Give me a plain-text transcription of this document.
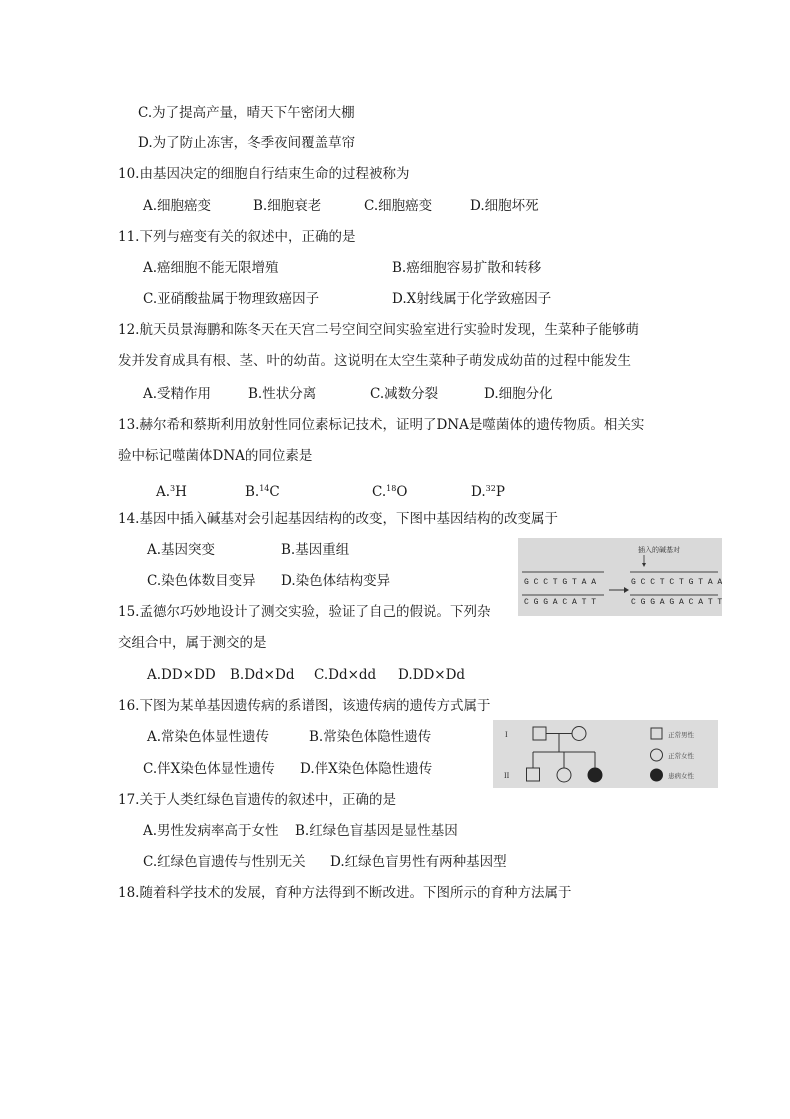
C.为了提高产量，晴天下午密闭大棚
D.为了防止冻害，冬季夜间覆盖草帘
10.由基因决定的细胞自行结束生命的过程被称为
A.细胞癌变	B.细胞衰老	C.细胞癌变	D.细胞坏死
11.下列与癌变有关的叙述中，正确的是
A.癌细胞不能无限增殖	B.癌细胞容易扩散和转移
C.亚硝酸盐属于物理致癌因子	D.X射线属于化学致癌因子
12.航天员景海鹏和陈冬天在天宫二号空间空间实验室进行实验时发现，生菜种子能够萌
发并发育成具有根、茎、叶的幼苗。这说明在太空生菜种子萌发成幼苗的过程中能发生
A.受精作用	B.性状分离	C.减数分裂	D.细胞分化
13.赫尔希和蔡斯利用放射性同位素标记技术，证明了DNA是噬菌体的遗传物质。相关实
验中标记噬菌体DNA的同位素是
A.$^3$H	B.$^{14}$C	C.$^{18}$O	D.$^{32}$P
14.基因中插入碱基对会引起基因结构的改变，下图中基因结构的改变属于
A.基因突变	B.基因重组
C.染色体数目变异 D.染色体结构变异
插入的碱基对
G C C T G T A A
C G G A C A T T
G C C T C T G T A A
C G G A G A C A T T
15.孟德尔巧妙地设计了测交实验，验证了自己的假说。下列杂
交组合中，属于测交的是
A.DD×DD B.Dd×Dd C.Dd×dd D.DD×Dd
16.下图为某单基因遗传病的系谱图，该遗传病的遗传方式属于
A.常染色体显性遗传	B.常染色体隐性遗传
C.伴X染色体显性遗传 D.伴X染色体隐性遗传
I
II
正常男性
正常女性
患病女性
17.关于人类红绿色盲遗传的叙述中，正确的是
A.男性发病率高于女性 B.红绿色盲基因是显性基因
C.红绿色盲遗传与性别无关 D.红绿色盲男性有两种基因型
18.随着科学技术的发展，育种方法得到不断改进。下图所示的育种方法属于
